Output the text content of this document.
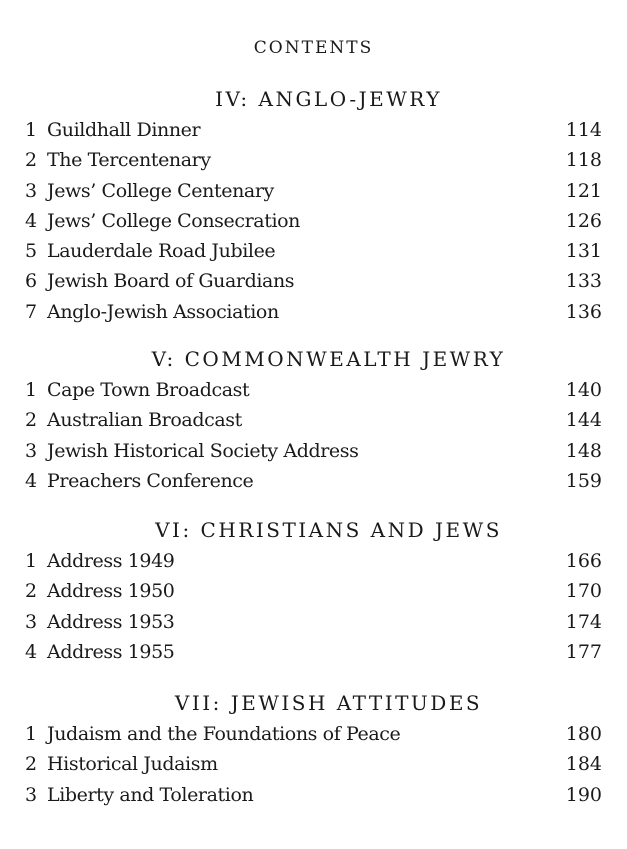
CONTENTS
IV: ANGLO-JEWRY
1 Guildhall Dinner	114
2 The Tercentenary	118
3 Jews’ College Centenary	121
4 Jews’ College Consecration	126
5 Lauderdale Road Jubilee	131
6 Jewish Board of Guardians	133
7 Anglo-Jewish Association	136
V: COMMONWEALTH JEWRY
1 Cape Town Broadcast	140
2 Australian Broadcast	144
3 Jewish Historical Society Address	148
4 Preachers Conference	159
VI: CHRISTIANS AND JEWS
1 Address 1949	166
2 Address 1950	170
3 Address 1953	174
4 Address 1955	177
VII: JEWISH ATTITUDES
1 Judaism and the Foundations of Peace	180
2 Historical Judaism	184
3 Liberty and Toleration	190
